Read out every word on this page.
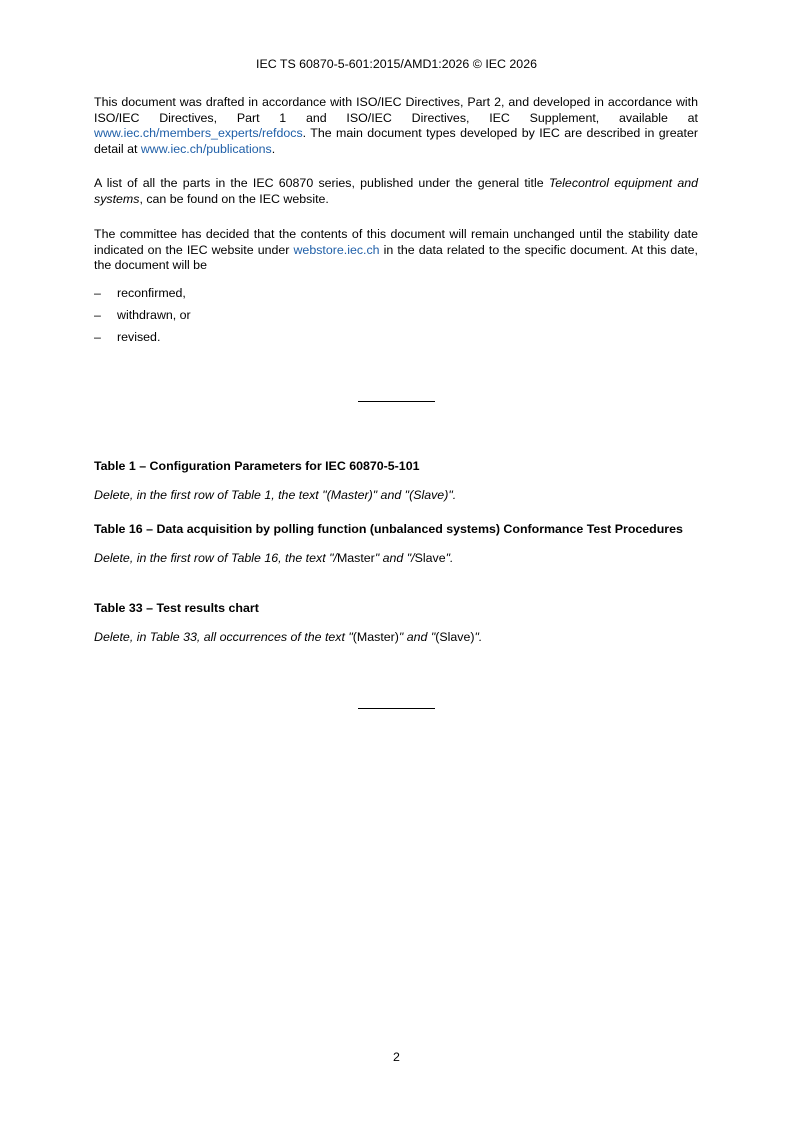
IEC TS 60870-5-601:2015/AMD1:2026 © IEC 2026

This document was drafted in accordance with ISO/IEC Directives, Part 2, and developed in accordance with ISO/IEC Directives, Part 1 and ISO/IEC Directives, IEC Supplement, available at www.iec.ch/members_experts/refdocs. The main document types developed by IEC are described in greater detail at www.iec.ch/publications.

A list of all the parts in the IEC 60870 series, published under the general title Telecontrol equipment and systems, can be found on the IEC website.

The committee has decided that the contents of this document will remain unchanged until the stability date indicated on the IEC website under webstore.iec.ch in the data related to the specific document. At this date, the document will be

– reconfirmed,
– withdrawn, or
– revised.

Table 1 – Configuration Parameters for IEC 60870-5-101

Delete, in the first row of Table 1, the text "(Master)" and "(Slave)".

Table 16 – Data acquisition by polling function (unbalanced systems) Conformance Test Procedures

Delete, in the first row of Table 16, the text "/Master" and "/Slave".

Table 33 – Test results chart

Delete, in Table 33, all occurrences of the text "(Master)" and "(Slave)".

2
